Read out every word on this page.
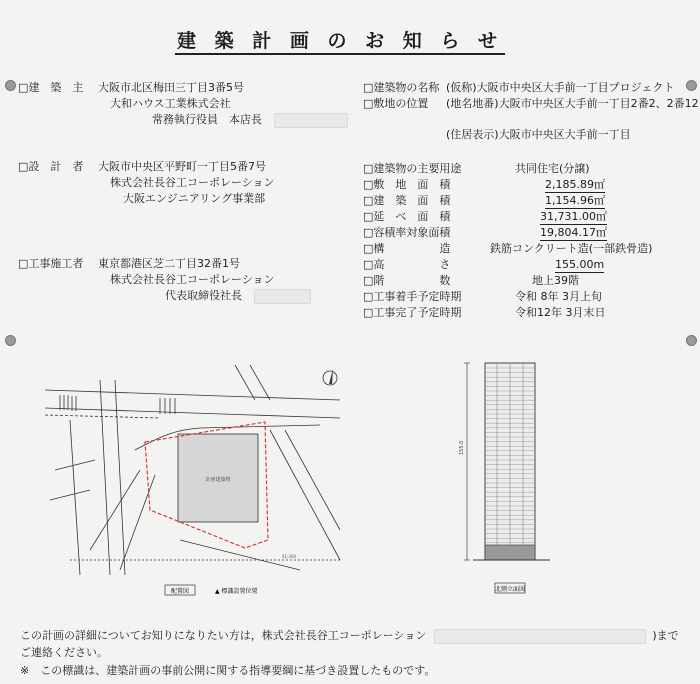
建 築 計 画 の お 知 ら せ
□建　築　主 大阪市北区梅田三丁目3番5号
大和ハウス工業株式会社
常務執行役員　本店長
□設　計　者 大阪市中央区平野町一丁目5番7号
株式会社長谷工コーポレーション
大阪エンジニアリング事業部
□工事施工者 東京都港区芝二丁目32番1号
株式会社長谷工コーポレーション
代表取締役社長
□建築物の名称 (仮称)大阪市中央区大手前一丁目プロジェクト
□敷地の位置 (地名地番)大阪市中央区大手前一丁目2番2、2番12
(住居表示)大阪市中央区大手前一丁目
□建築物の主要用途	共同住宅(分譲)
□敷　地　面　積	2,185.89㎡
□建　築　面　積	1,154.96㎡
□延　べ　面　積	31,731.00㎡
□容積率対象面積	19,804.17㎡
□構　　　　　造	鉄筋コンクリート造(一部鉄骨造)
□高　　　　　さ	155.00m
□階　　　　　数	地上39階
□工事着手予定時期	令和 8年 3月上旬
□工事完了予定時期	令和12年 3月末日
計画建築物
配置図	▲ 標識設置位置
S1:300
155.0
北側立面図
この計画の詳細についてお知りになりたい方は，株式会社長谷工コーポレーション	)まで
ご連絡ください。
※　この標識は、建築計画の事前公開に関する指導要綱に基づき設置したものです。
